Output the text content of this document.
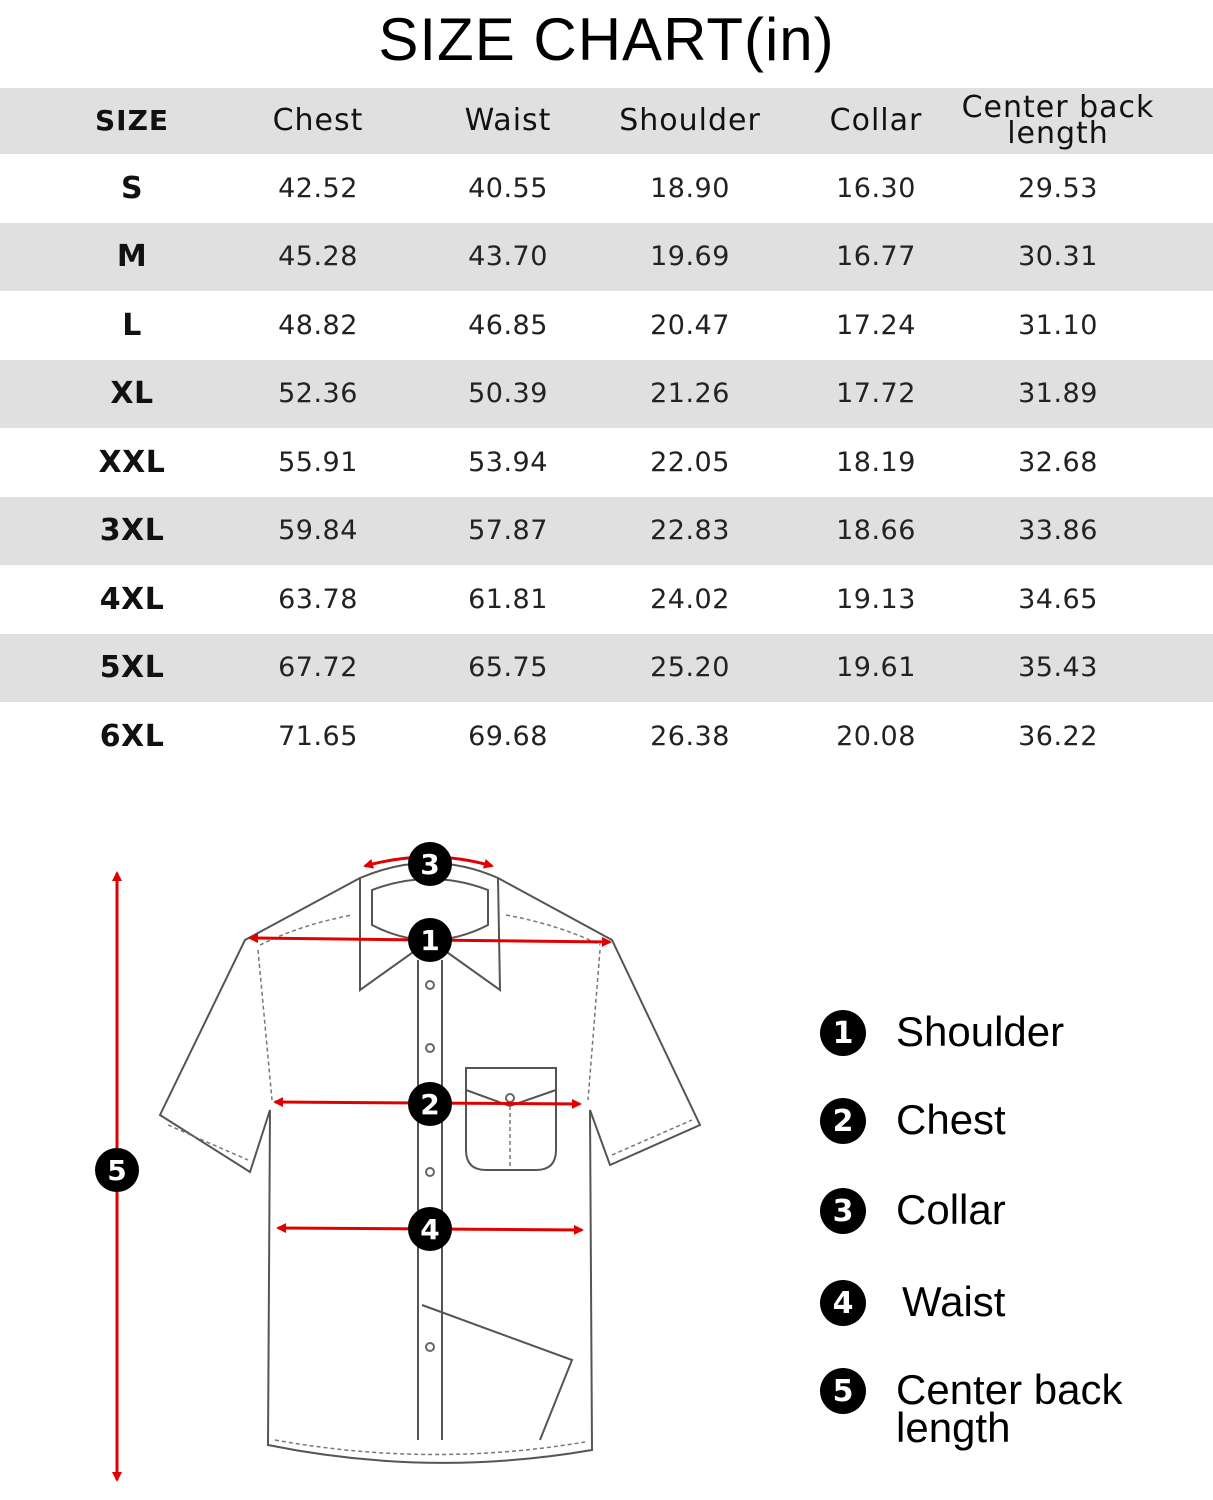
SIZE CHART(in)
SIZE	Chest	Waist	Shoulder	Collar	Center back length
S	42.52	40.55	18.90	16.30	29.53
M	45.28	43.70	19.69	16.77	30.31
L	48.82	46.85	20.47	17.24	31.10
XL	52.36	50.39	21.26	17.72	31.89
XXL	55.91	53.94	22.05	18.19	32.68
3XL	59.84	57.87	22.83	18.66	33.86
4XL	63.78	61.81	24.02	19.13	34.65
5XL	67.72	65.75	25.20	19.61	35.43
6XL	71.65	69.68	26.38	20.08	36.22
3
1
2
4
5
1 Shoulder
2 Chest
3 Collar
4 Waist
5 Center back
length
